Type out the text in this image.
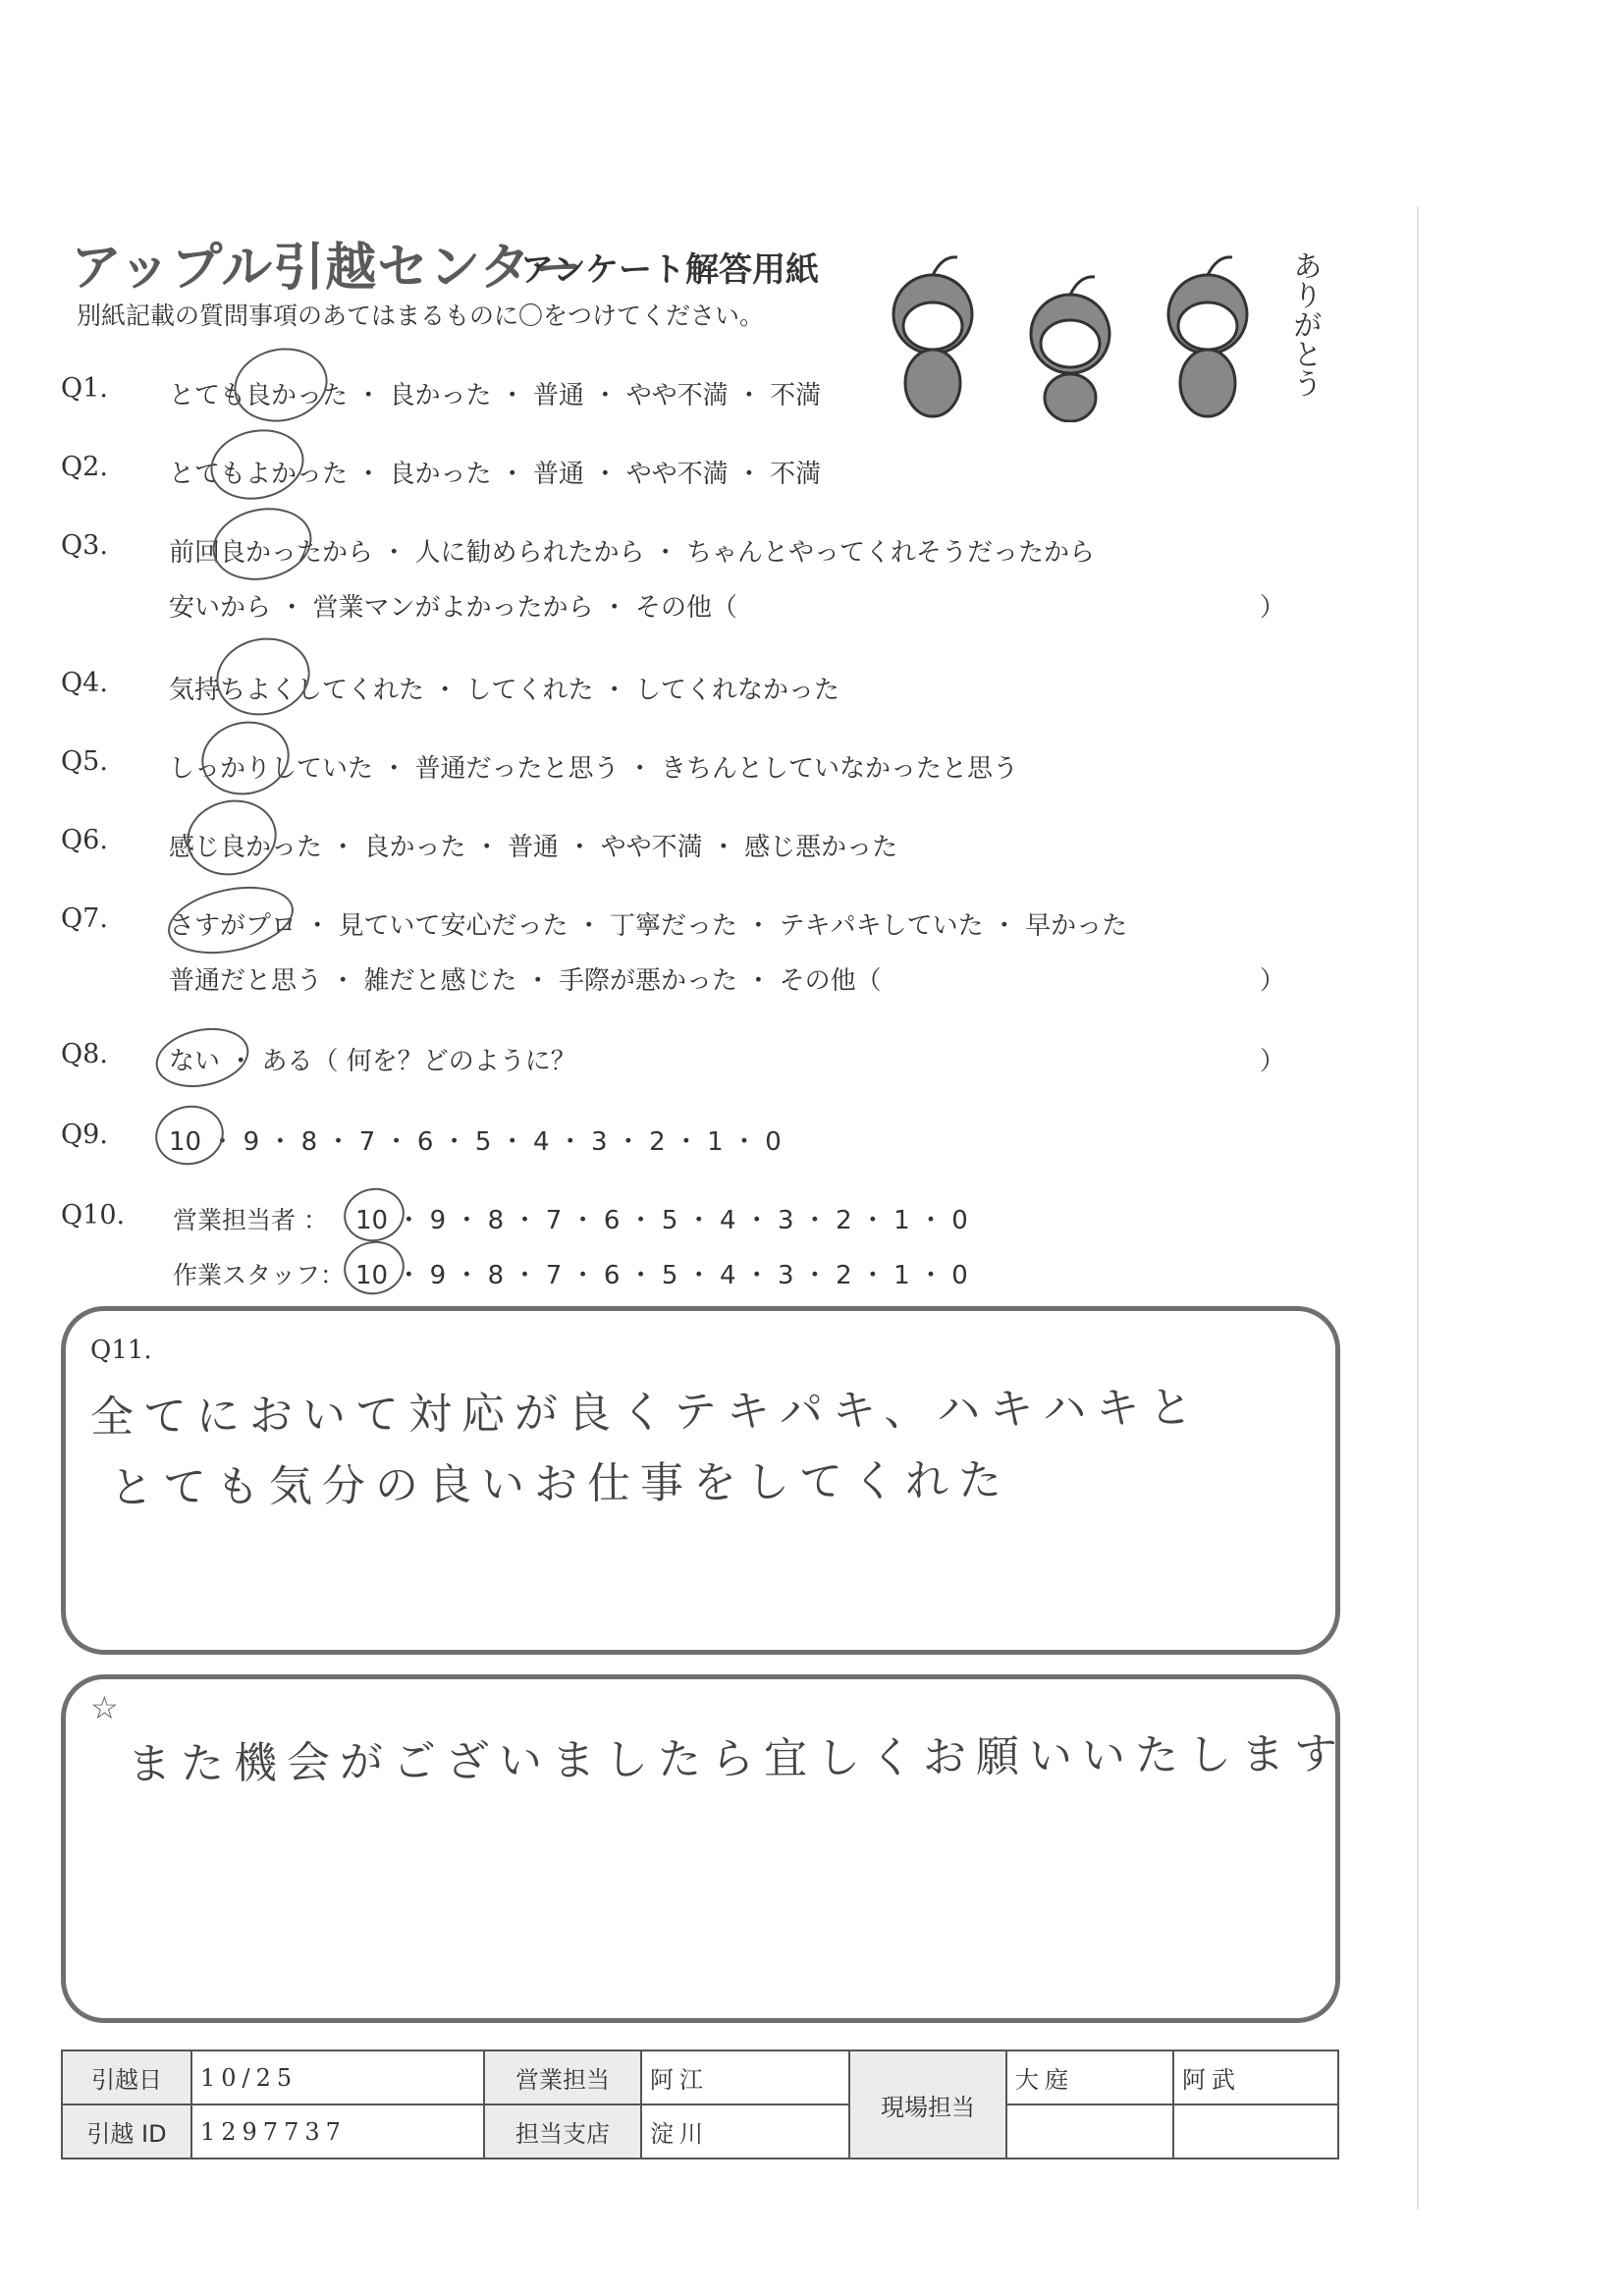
アップル引越センター
アンケート解答用紙
別紙記載の質問事項のあてはまるものに〇をつけてください。	ありがとう
Q1. とても良かった ・ 良かった ・ 普通 ・ やや不満 ・ 不満
Q2. とてもよかった ・ 良かった ・ 普通 ・ やや不満 ・ 不満
Q3. 前回良かったから ・ 人に勧められたから ・ ちゃんとやってくれそうだったから
安いから ・ 営業マンがよかったから ・ その他（	）
Q4. 気持ちよくしてくれた ・ してくれた ・ してくれなかった
Q5. しっかりしていた ・ 普通だったと思う ・ きちんとしていなかったと思う
Q6. 感じ良かった ・ 良かった ・ 普通 ・ やや不満 ・ 感じ悪かった
Q7. さすがプロ ・ 見ていて安心だった ・ 丁寧だった ・ テキパキしていた ・ 早かった
普通だと思う ・ 雑だと感じた ・ 手際が悪かった ・ その他（	）
Q8. ない ・ ある（ 何を？どのように？	）
Q9. 10 ・ 9 ・ 8 ・ 7 ・ 6 ・ 5 ・ 4 ・ 3 ・ 2 ・ 1 ・ 0
Q10. 営業担当者 ： 10 ・ 9 ・ 8 ・ 7 ・ 6 ・ 5 ・ 4 ・ 3 ・ 2 ・ 1 ・ 0
作業スタッフ： 10 ・ 9 ・ 8 ・ 7 ・ 6 ・ 5 ・ 4 ・ 3 ・ 2 ・ 1 ・ 0
Q11.
全てにおいて対応が良くテキパキ、ハキハキと
とても気分の良いお仕事をしてくれた
☆
また機会がございましたら宜しくお願いいたします
引越日	10/25	営業担当	阿江	現場担当	大庭	阿武
引越 ID	1297737	担当支店	淀川			
